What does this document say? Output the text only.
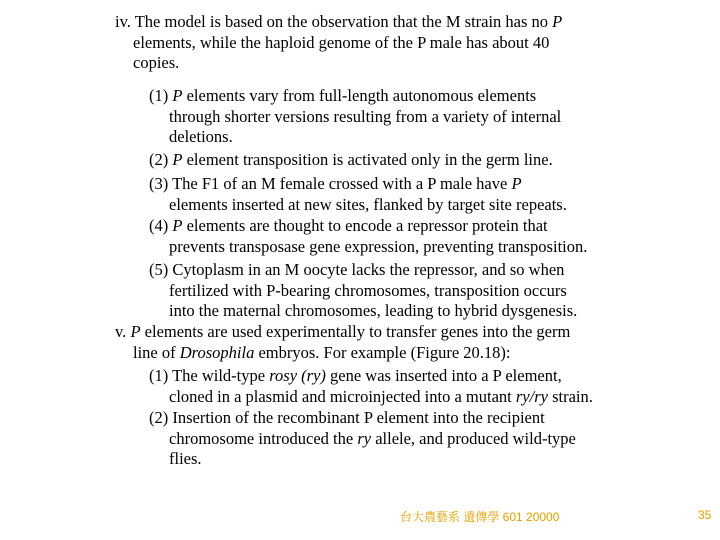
iv. The model is based on the observation that the M strain has no P
elements, while the haploid genome of the P male has about 40
copies.

(1) P elements vary from full-length autonomous elements
through shorter versions resulting from a variety of internal
deletions.

(2) P element transposition is activated only in the germ line.

(3) The F1 of an M female crossed with a P male have P
elements inserted at new sites, flanked by target site repeats.

(4) P elements are thought to encode a repressor protein that
prevents transposase gene expression, preventing transposition.

(5) Cytoplasm in an M oocyte lacks the repressor, and so when
fertilized with P-bearing chromosomes, transposition occurs
into the maternal chromosomes, leading to hybrid dysgenesis.

v. P elements are used experimentally to transfer genes into the germ
line of Drosophila embryos. For example (Figure 20.18):

(1) The wild-type rosy (ry) gene was inserted into a P element,
cloned in a plasmid and microinjected into a mutant ry/ry strain.

(2) Insertion of the recombinant P element into the recipient
chromosome introduced the ry allele, and produced wild-type
flies.

台大農藝系 遺傳學 601 20000	35
